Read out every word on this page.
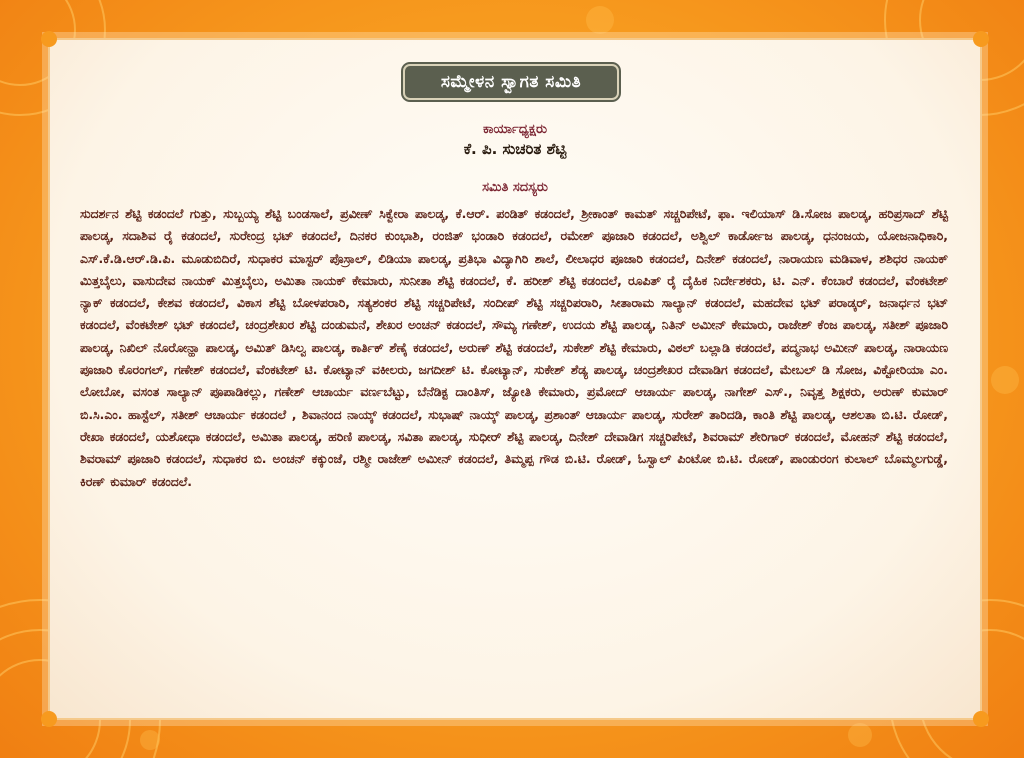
ಸಮ್ಮೇಳನ ಸ್ವಾಗತ ಸಮಿತಿ
ಕಾರ್ಯಾಧ್ಯಕ್ಷರು
ಕೆ. ಪಿ. ಸುಚರಿತ ಶೆಟ್ಟಿ
ಸಮಿತಿ ಸದಸ್ಯರು
ಸುದರ್ಶನ ಶೆಟ್ಟಿ ಕಡಂದಲೆ ಗುತ್ತು, ಸುಬ್ಬಯ್ಯ ಶೆಟ್ಟಿ ಬಂಡಸಾಲೆ, ಪ್ರವೀಣ್ ಸಿಕ್ವೇರಾ ಪಾಲಡ್ಕ, ಕೆ.ಆರ್. ಪಂಡಿತ್ ಕಡಂದಲೆ, ಶ್ರೀಕಾಂತ್ ಕಾಮತ್ ಸಚ್ಚರಿಪೇಟೆ, ಫಾ. ಇಲಿಯಾಸ್ ಡಿ.ಸೋಜ ಪಾಲಡ್ಕ, ಹರಿಪ್ರಸಾದ್ ಶೆಟ್ಟಿ ಪಾಲಡ್ಕ, ಸದಾಶಿವ ರೈ ಕಡಂದಲೆ, ಸುರೇಂದ್ರ ಭಟ್ ಕಡಂದಲೆ, ದಿನಕರ ಕುಂಭಾಶಿ, ರಂಜಿತ್ ಭಂಡಾರಿ ಕಡಂದಲೆ, ರಮೇಶ್ ಪೂಜಾರಿ ಕಡಂದಲೆ, ಅಶ್ವಿಲ್ ಕಾರ್ಡೋಜ ಪಾಲಡ್ಕ, ಧನಂಜಯ, ಯೋಜನಾಧಿಕಾರಿ, ಎಸ್.ಕೆ.ಡಿ.ಆರ್.ಡಿ.ಪಿ. ಮೂಡುಬಿದಿರೆ, ಸುಧಾಕರ ಮಾಸ್ಟರ್ ಪೊಸ್ರಾಲ್, ಲಿಡಿಯಾ ಪಾಲಡ್ಕ, ಪ್ರತಿಭಾ ವಿದ್ಯಾಗಿರಿ ಶಾಲೆ, ಲೀಲಾಧರ ಪೂಜಾರಿ ಕಡಂದಲೆ, ದಿನೇಶ್ ಕಡಂದಲೆ, ನಾರಾಯಣ ಮಡಿವಾಳ, ಶಶಿಧರ ನಾಯಕ್ ಮಿತ್ತಬೈಲು, ವಾಸುದೇವ ನಾಯಕ್ ಮಿತ್ತಬೈಲು, ಅಮಿತಾ ನಾಯಕ್ ಕೇಮಾರು, ಸುನೀತಾ ಶೆಟ್ಟಿ ಕಡಂದಲೆ, ಕೆ. ಹರೀಶ್ ಶೆಟ್ಟಿ ಕಡಂದಲೆ, ರೂಪಿತ್ ರೈ ದೈಹಿಕ ನಿರ್ದೇಶಕರು, ಟಿ. ಎನ್. ಕೆಂಬಾರೆ ಕಡಂದಲೆ, ವೆಂಕಟೇಶ್ ನ್ಯಾಕ್ ಕಡಂದಲೆ, ಕೇಶವ ಕಡಂದಲೆ, ವಿಕಾಸ ಶೆಟ್ಟಿ ಬೋಳಪರಾರಿ, ಸತ್ಯಶಂಕರ ಶೆಟ್ಟಿ ಸಚ್ಚರಿಪೇಟೆ, ಸಂದೀಪ್ ಶೆಟ್ಟಿ ಸಚ್ಚರಿಪರಾರಿ, ಸೀತಾರಾಮ ಸಾಲ್ಯಾನ್ ಕಡಂದಲೆ, ಮಹದೇವ ಭಟ್ ಪರಾಡ್ಕರ್, ಜನಾರ್ಧನ ಭಟ್ ಕಡಂದಲೆ, ವೆಂಕಟೇಶ್ ಭಟ್ ಕಡಂದಲೆ, ಚಂದ್ರಶೇಖರ ಶೆಟ್ಟಿ ದಂಡುಮನೆ, ಶೇಖರ ಅಂಚನ್ ಕಡಂದಲೆ, ಸೌಮ್ಯ ಗಣೇಶ್, ಉದಯ ಶೆಟ್ಟಿ ಪಾಲಡ್ಕ, ನಿತಿನ್ ಅಮೀನ್ ಕೇಮಾರು, ರಾಜೇಶ್ ಕೆಂಜ ಪಾಲಡ್ಕ, ಸತೀಶ್ ಪೂಜಾರಿ ಪಾಲಡ್ಕ, ನಿಖಿಲ್ ನೊರೋನ್ಹಾ ಪಾಲಡ್ಕ, ಅಮಿತ್ ಡಿಸಿಲ್ವ ಪಾಲಡ್ಕ, ಕಾರ್ತಿಕ್ ಶೆಣೈ ಕಡಂದಲೆ, ಅರುಣ್ ಶೆಟ್ಟಿ ಕಡಂದಲೆ, ಸುಕೇಶ್ ಶೆಟ್ಟಿ ಕೇಮಾರು, ವಿಠಲ್ ಬಲ್ಲಾಡಿ ಕಡಂದಲೆ, ಪದ್ಮನಾಭ ಅಮೀನ್ ಪಾಲಡ್ಕ, ನಾರಾಯಣ ಪೂಜಾರಿ ಕೊರಂಗಲ್, ಗಣೇಶ್ ಕಡಂದಲೆ, ವೆಂಕಟೇಶ್ ಟಿ. ಕೋಟ್ಯಾನ್ ವಕೀಲರು, ಜಗದೀಶ್ ಟಿ. ಕೋಟ್ಯಾನ್, ಸುಕೇಶ್ ಶೆಡ್ಯ ಪಾಲಡ್ಕ, ಚಂದ್ರಶೇಖರ ದೇವಾಡಿಗ ಕಡಂದಲೆ, ಮೇಬಲ್ ಡಿ ಸೋಜ, ವಿಕ್ಟೋರಿಯಾ ಎಂ. ಲೋಬೋ, ವಸಂತ ಸಾಲ್ಯಾನ್ ಪೂಪಾಡಿಕಲ್ಲು, ಗಣೇಶ್ ಆಚಾರ್ಯ ವರ್ಣಬೆಟ್ಟು, ಬೆನೆಡಿಕ್ಟ ದಾಂತಿಸ್, ಜ್ಯೋತಿ ಕೇಮಾರು, ಪ್ರಮೋದ್ ಆಚಾರ್ಯ ಪಾಲಡ್ಕ, ನಾಗೇಶ್ ಎಸ್., ನಿವೃತ್ತ ಶಿಕ್ಷಕರು, ಅರುಣ್ ಕುಮಾರ್ ಬಿ.ಸಿ.ಎಂ. ಹಾಸ್ಟೆಲ್, ಸತೀಶ್ ಆಚಾರ್ಯ ಕಡಂದಲೆ , ಶಿವಾನಂದ ನಾಯ್ಕ್ ಕಡಂದಲೆ, ಸುಭಾಷ್ ನಾಯ್ಕ್ ಪಾಲಡ್ಕ, ಪ್ರಶಾಂತ್ ಆಚಾರ್ಯ ಪಾಲಡ್ಕ, ಸುರೇಶ್ ತಾರಿದಡಿ, ಕಾಂತಿ ಶೆಟ್ಟಿ ಪಾಲಡ್ಕ, ಆಶಲತಾ ಬಿ.ಟಿ. ರೋಡ್, ರೇಖಾ ಕಡಂದಲೆ, ಯಶೋಧಾ ಕಡಂದಲೆ, ಅಮಿತಾ ಪಾಲಡ್ಕ, ಹರಿಣಿ ಪಾಲಡ್ಕ, ಸವಿತಾ ಪಾಲಡ್ಕ, ಸುಧೀರ್ ಶೆಟ್ಟಿ ಪಾಲಡ್ಕ, ದಿನೇಶ್ ದೇವಾಡಿಗ ಸಚ್ಚರಿಪೇಟೆ, ಶಿವರಾಮ್ ಶೇರಿಗಾರ್ ಕಡಂದಲೆ, ಮೋಹನ್ ಶೆಟ್ಟಿ ಕಡಂದಲೆ, ಶಿವರಾಮ್ ಪೂಜಾರಿ ಕಡಂದಲೆ, ಸುಧಾಕರ ಬಿ. ಅಂಚನ್ ಕಕ್ಕುಂಜೆ, ರಶ್ಮೀ ರಾಜೇಶ್ ಅಮೀನ್ ಕಡಂದಲೆ, ತಿಮ್ಮಪ್ಪ ಗೌಡ ಬಿ.ಟಿ. ರೋಡ್, ಓಸ್ವಾಲ್ ಪಿಂಟೋ ಬಿ.ಟಿ. ರೋಡ್, ಪಾಂಡುರಂಗ ಕುಲಾಲ್ ಬೊಮ್ಮಲಗುಡ್ಡೆ, ಕಿರಣ್ ಕುಮಾರ್ ಕಡಂದಲೆ.
